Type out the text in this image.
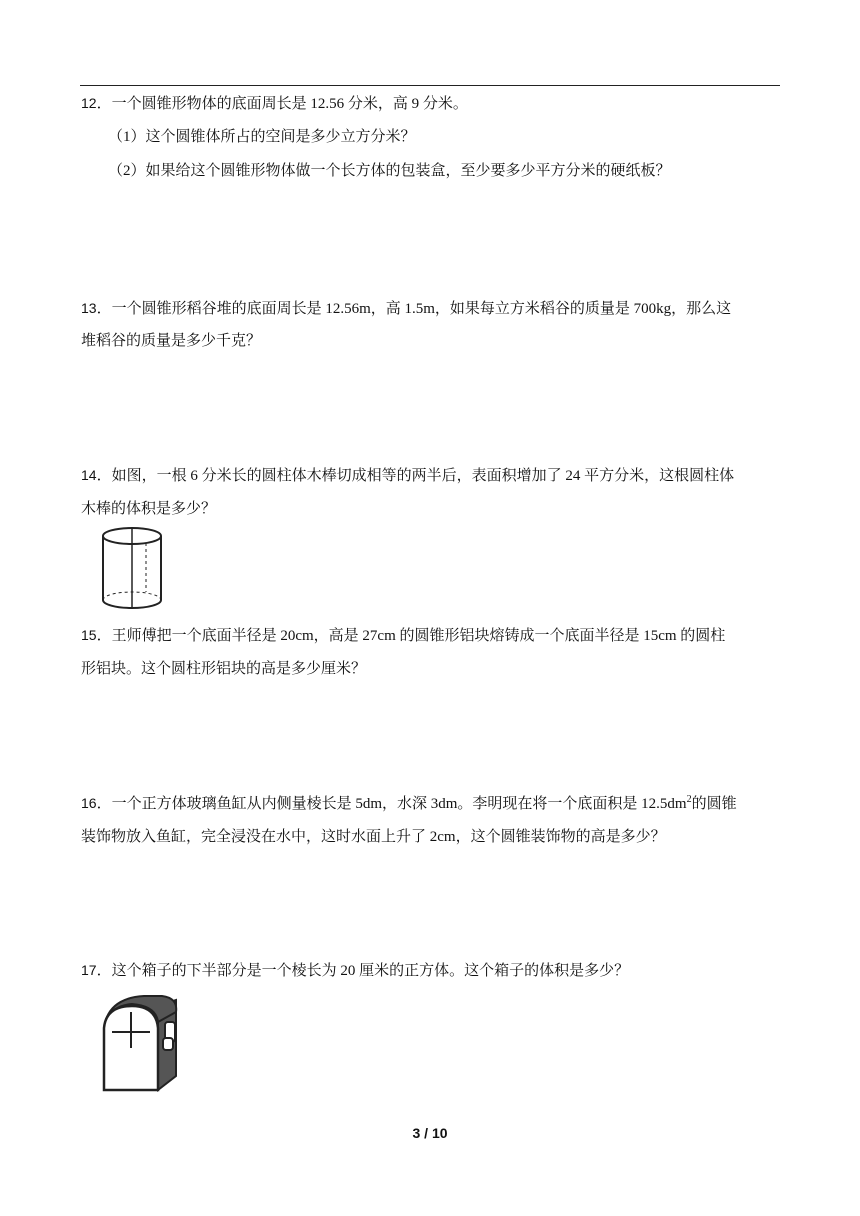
12．一个圆锥形物体的底面周长是 12.56 分米，高 9 分米。
（1）这个圆锥体所占的空间是多少立方分米？
（2）如果给这个圆锥形物体做一个长方体的包装盒，至少要多少平方分米的硬纸板？
13．一个圆锥形稻谷堆的底面周长是 12.56m，高 1.5m，如果每立方米稻谷的质量是 700kg，那么这
堆稻谷的质量是多少千克？
14．如图，一根 6 分米长的圆柱体木棒切成相等的两半后，表面积增加了 24 平方分米，这根圆柱体
木棒的体积是多少？
15．王师傅把一个底面半径是 20cm，高是 27cm 的圆锥形铝块熔铸成一个底面半径是 15cm 的圆柱
形铝块。这个圆柱形铝块的高是多少厘米？
16．一个正方体玻璃鱼缸从内侧量棱长是 5dm，水深 3dm。李明现在将一个底面积是 $12.5dm^2$的圆锥
装饰物放入鱼缸，完全浸没在水中，这时水面上升了 2cm，这个圆锥装饰物的高是多少？
17．这个箱子的下半部分是一个棱长为 20 厘米的正方体。这个箱子的体积是多少？
3 / 10
